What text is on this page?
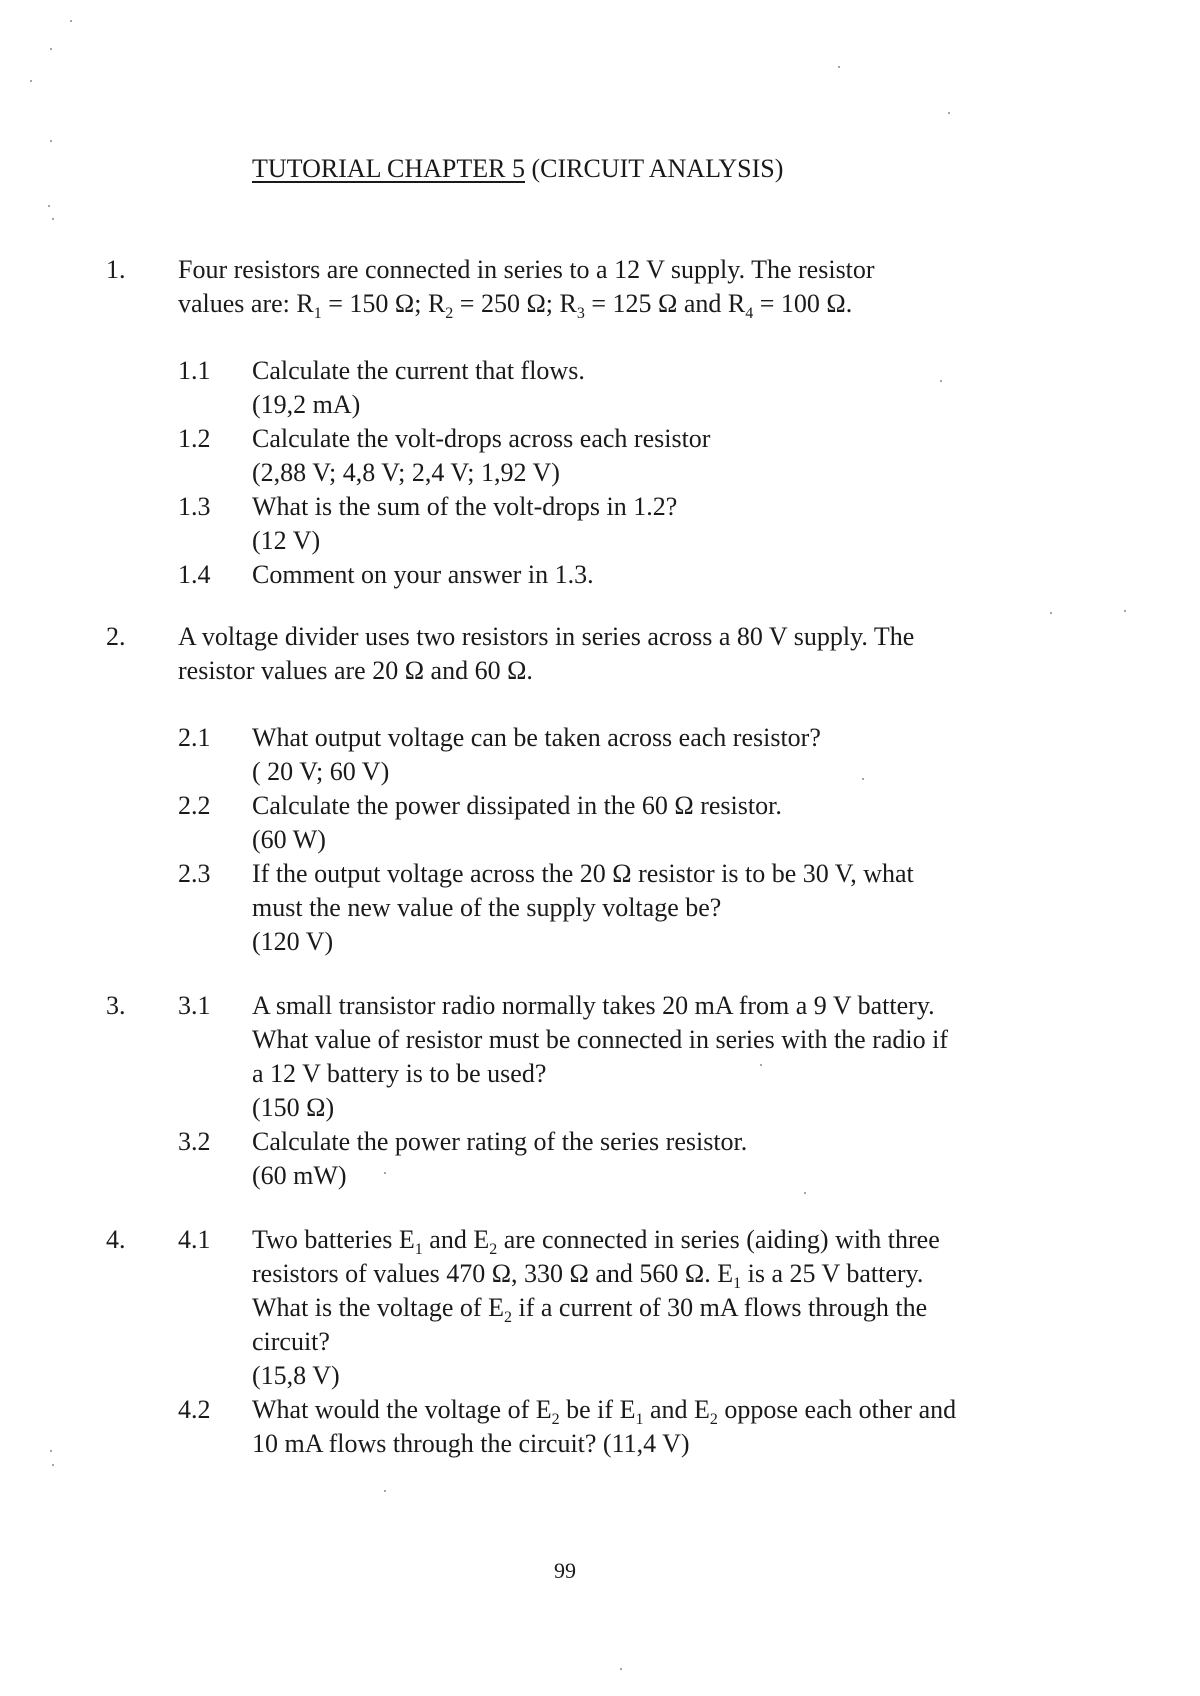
TUTORIAL CHAPTER 5 (CIRCUIT ANALYSIS)
1. Four resistors are connected in series to a 12 V supply. The resistor
values are: $R_1 = 150$ Ω; $R_2 = 250$ Ω; $R_3 = 125$ Ω and $R_4 = 100$ Ω.
1.1 Calculate the current that flows.
(19,2 mA)
1.2 Calculate the volt-drops across each resistor
(2,88 V; 4,8 V; 2,4 V; 1,92 V)
1.3 What is the sum of the volt-drops in 1.2?
(12 V)
1.4 Comment on your answer in 1.3.
2. A voltage divider uses two resistors in series across a 80 V supply. The
resistor values are 20 Ω and 60 Ω.
2.1 What output voltage can be taken across each resistor?
( 20 V; 60 V)
2.2 Calculate the power dissipated in the 60 Ω resistor.
(60 W)
2.3 If the output voltage across the 20 Ω resistor is to be 30 V, what
must the new value of the supply voltage be?
(120 V)
3. 3.1 A small transistor radio normally takes 20 mA from a 9 V battery.
What value of resistor must be connected in series with the radio if
a 12 V battery is to be used?
(150 Ω)
3.2 Calculate the power rating of the series resistor.
(60 mW)
4. 4.1 Two batteries $E_1$ and $E_2$ are connected in series (aiding) with three
resistors of values 470 Ω, 330 Ω and 560 Ω. $E_1$ is a 25 V battery.
What is the voltage of $E_2$ if a current of 30 mA flows through the
circuit?
(15,8 V)
4.2 What would the voltage of $E_2$ be if $E_1$ and $E_2$ oppose each other and
10 mA flows through the circuit? (11,4 V)
99
